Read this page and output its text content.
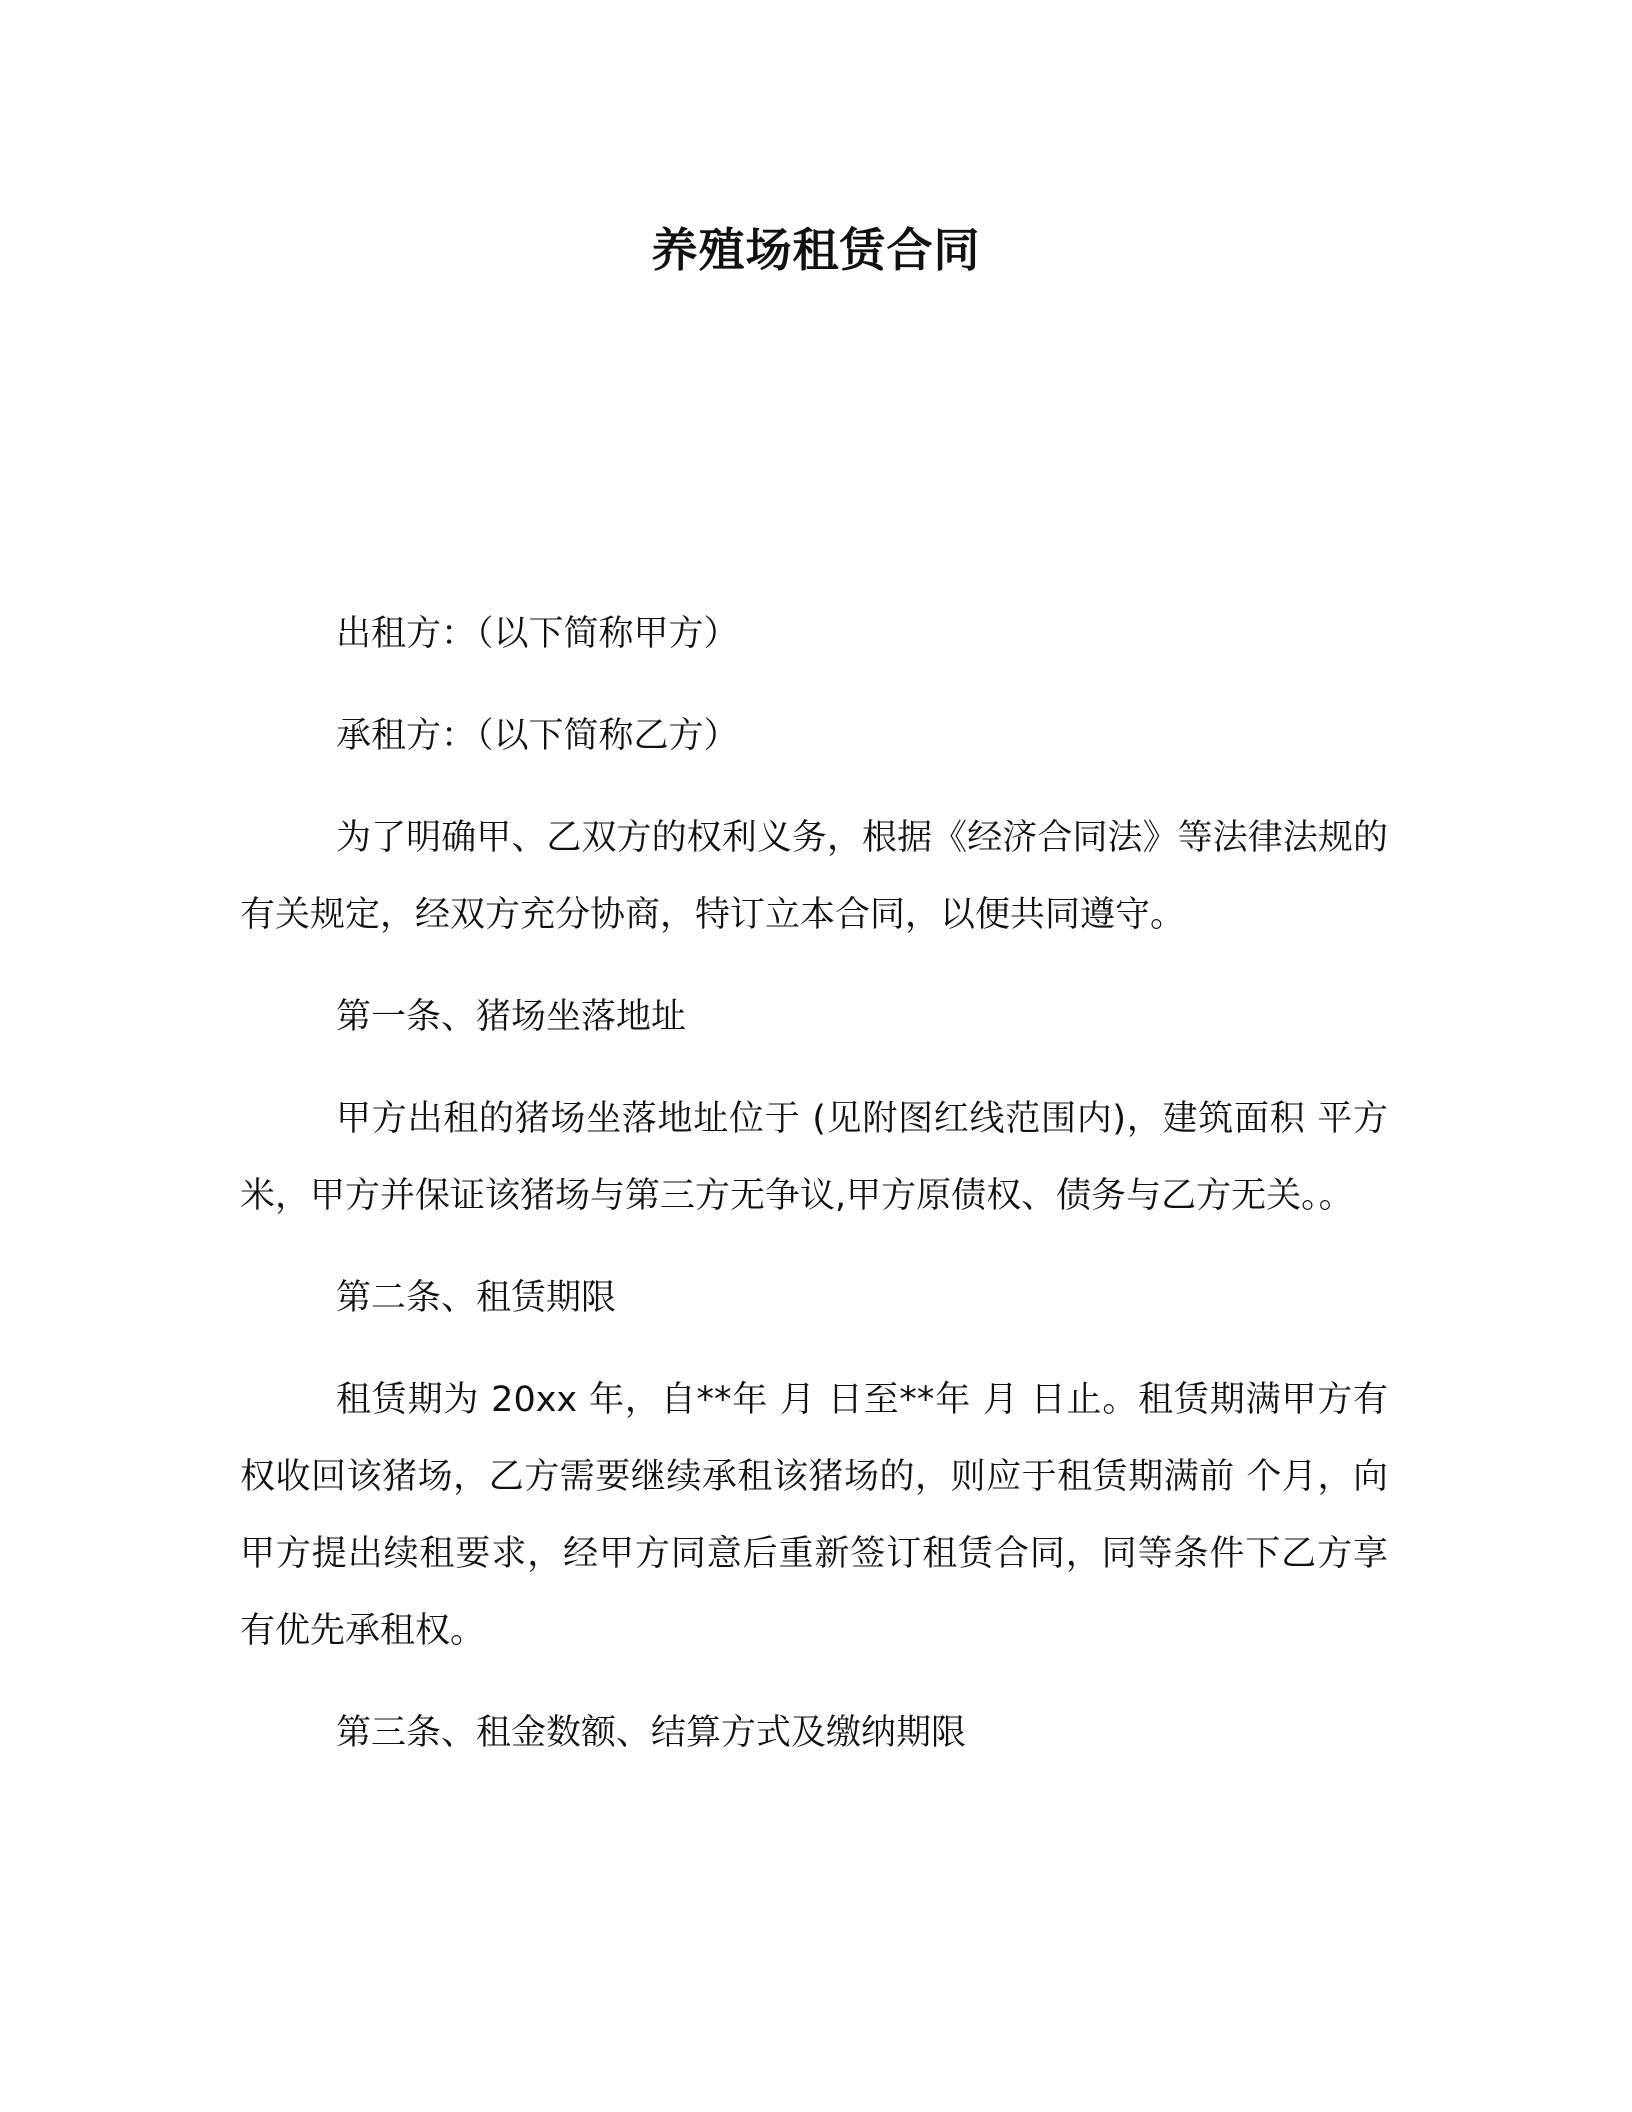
养殖场租赁合同

出租方：（以下简称甲方）

承租方：（以下简称乙方）

为了明确甲、乙双方的权利义务，根据《经济合同法》等法律法规的有关规定，经双方充分协商，特订立本合同，以便共同遵守。

第一条、猪场坐落地址

甲方出租的猪场坐落地址位于 (见附图红线范围内)，建筑面积 平方米，甲方并保证该猪场与第三方无争议,甲方原债权、债务与乙方无关。。

第二条、租赁期限

租赁期为 20xx 年，自**年 月 日至**年 月 日止。租赁期满甲方有权收回该猪场，乙方需要继续承租该猪场的，则应于租赁期满前 个月，向甲方提出续租要求，经甲方同意后重新签订租赁合同，同等条件下乙方享有优先承租权。

第三条、租金数额、结算方式及缴纳期限
